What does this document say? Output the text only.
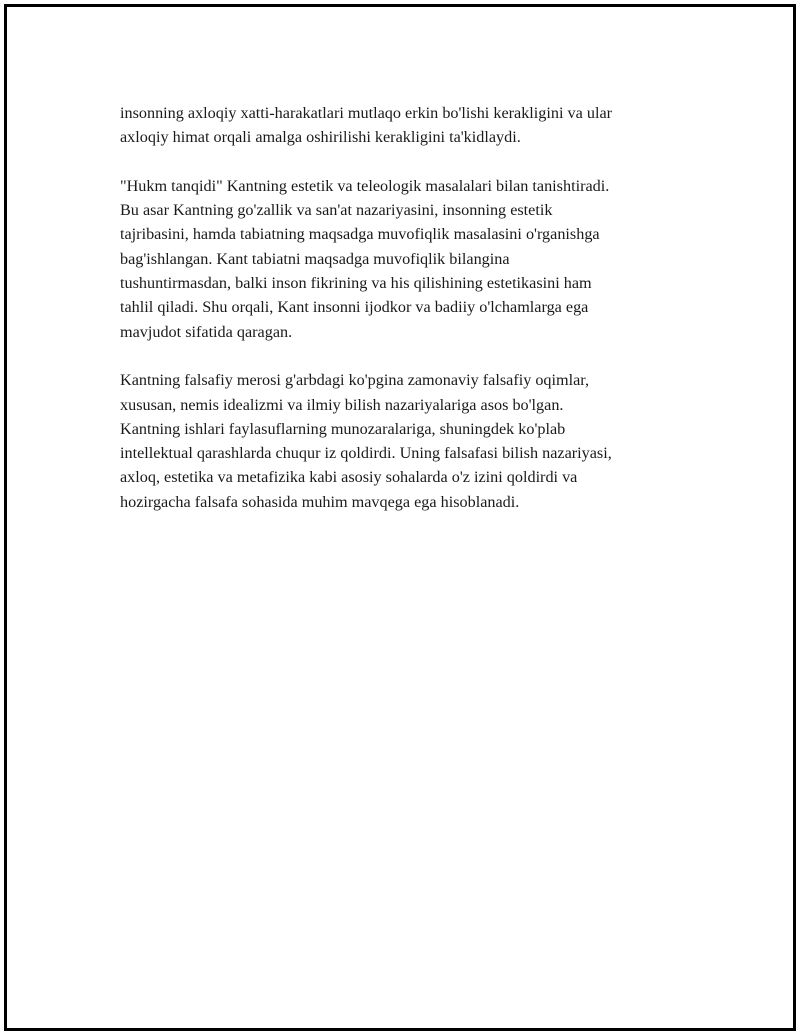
insonning axloqiy xatti-harakatlari mutlaqo erkin bo'lishi kerakligini va ular
axloqiy himat orqali amalga oshirilishi kerakligini ta'kidlaydi.

"Hukm tanqidi" Kantning estetik va teleologik masalalari bilan tanishtiradi.
Bu asar Kantning go'zallik va san'at nazariyasini, insonning estetik
tajribasini, hamda tabiatning maqsadga muvofiqlik masalasini o'rganishga
bag'ishlangan. Kant tabiatni maqsadga muvofiqlik bilangina
tushuntirmasdan, balki inson fikrining va his qilishining estetikasini ham
tahlil qiladi. Shu orqali, Kant insonni ijodkor va badiiy o'lchamlarga ega
mavjudot sifatida qaragan.

Kantning falsafiy merosi g'arbdagi ko'pgina zamonaviy falsafiy oqimlar,
xususan, nemis idealizmi va ilmiy bilish nazariyalariga asos bo'lgan.
Kantning ishlari faylasuflarning munozaralariga, shuningdek ko'plab
intellektual qarashlarda chuqur iz qoldirdi. Uning falsafasi bilish nazariyasi,
axloq, estetika va metafizika kabi asosiy sohalarda o'z izini qoldirdi va
hozirgacha falsafa sohasida muhim mavqega ega hisoblanadi.
